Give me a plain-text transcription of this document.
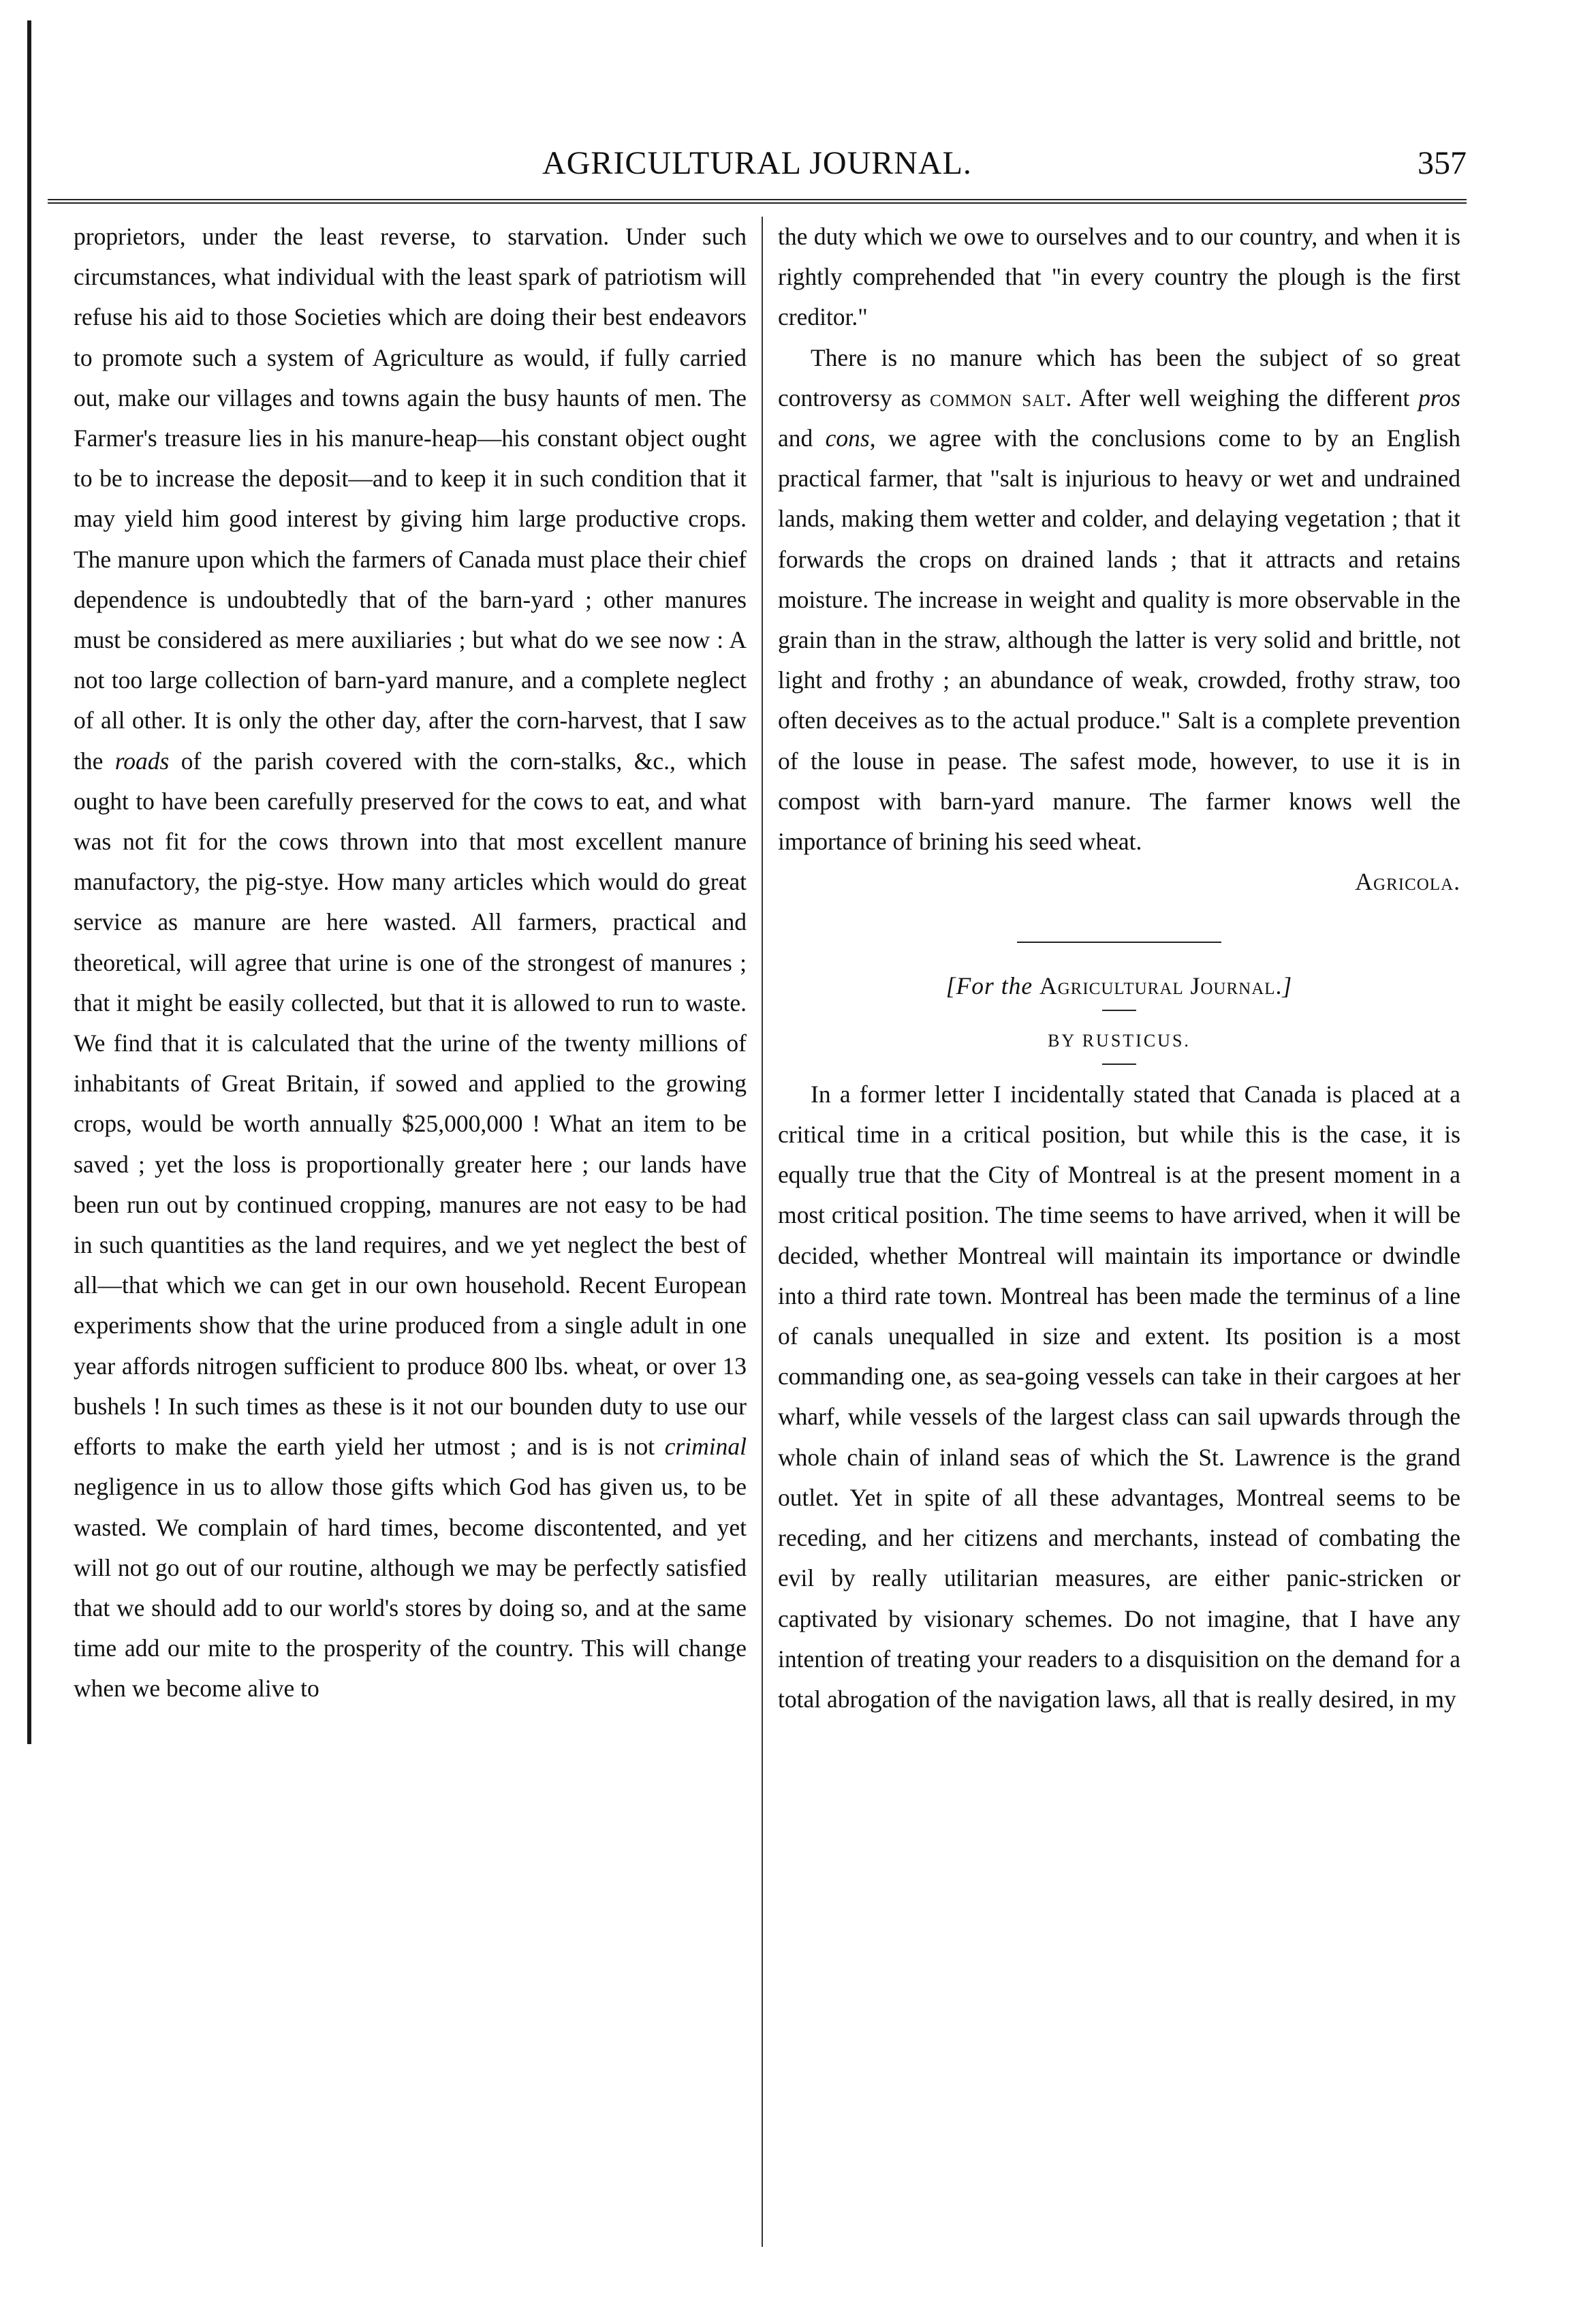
AGRICULTURAL JOURNAL.	357

proprietors, under the least reverse, to starvation. Under such circumstances, what individual with the least spark of patriotism will refuse his aid to those Societies which are doing their best endeavors to promote such a system of Agriculture as would, if fully carried out, make our villages and towns again the busy haunts of men. The Farmer's treasure lies in his manure-heap—his constant object ought to be to increase the deposit—and to keep it in such condition that it may yield him good interest by giving him large productive crops. The manure upon which the farmers of Canada must place their chief dependence is undoubtedly that of the barn-yard ; other manures must be considered as mere auxiliaries ; but what do we see now : A not too large collection of barn-yard manure, and a complete neglect of all other. It is only the other day, after the corn-harvest, that I saw the roads of the parish covered with the corn-stalks, &c., which ought to have been carefully preserved for the cows to eat, and what was not fit for the cows thrown into that most excellent manure manufactory, the pig-stye. How many articles which would do great service as manure are here wasted. All farmers, practical and theoretical, will agree that urine is one of the strongest of manures ; that it might be easily collected, but that it is allowed to run to waste. We find that it is calculated that the urine of the twenty millions of inhabitants of Great Britain, if sowed and applied to the growing crops, would be worth annually $25,000,000 ! What an item to be saved ; yet the loss is proportionally greater here ; our lands have been run out by continued cropping, manures are not easy to be had in such quantities as the land requires, and we yet neglect the best of all—that which we can get in our own household. Recent European experiments show that the urine produced from a single adult in one year affords nitrogen sufficient to produce 800 lbs. wheat, or over 13 bushels ! In such times as these is it not our bounden duty to use our efforts to make the earth yield her utmost ; and is is not criminal negligence in us to allow those gifts which God has given us, to be wasted. We complain of hard times, become discontented, and yet will not go out of our routine, although we may be perfectly satisfied that we should add to our world's stores by doing so, and at the same time add our mite to the prosperity of the country. This will change when we become alive to

the duty which we owe to ourselves and to our country, and when it is rightly comprehended that "in every country the plough is the first creditor."

There is no manure which has been the subject of so great controversy as common salt. After well weighing the different pros and cons, we agree with the conclusions come to by an English practical farmer, that "salt is injurious to heavy or wet and undrained lands, making them wetter and colder, and delaying vegetation ; that it forwards the crops on drained lands ; that it attracts and retains moisture. The increase in weight and quality is more observable in the grain than in the straw, although the latter is very solid and brittle, not light and frothy ; an abundance of weak, crowded, frothy straw, too often deceives as to the actual produce." Salt is a complete prevention of the louse in pease. The safest mode, however, to use it is in compost with barn-yard manure. The farmer knows well the importance of brining his seed wheat.

Agricola.

[For the Agricultural Journal.]

BY RUSTICUS.

In a former letter I incidentally stated that Canada is placed at a critical time in a critical position, but while this is the case, it is equally true that the City of Montreal is at the present moment in a most critical position. The time seems to have arrived, when it will be decided, whether Montreal will maintain its importance or dwindle into a third rate town. Montreal has been made the terminus of a line of canals unequalled in size and extent. Its position is a most commanding one, as sea-going vessels can take in their cargoes at her wharf, while vessels of the largest class can sail upwards through the whole chain of inland seas of which the St. Lawrence is the grand outlet. Yet in spite of all these advantages, Montreal seems to be receding, and her citizens and merchants, instead of combating the evil by really utilitarian measures, are either panic-stricken or captivated by visionary schemes. Do not imagine, that I have any intention of treating your readers to a disquisition on the demand for a total abrogation of the navigation laws, all that is really desired, in my
